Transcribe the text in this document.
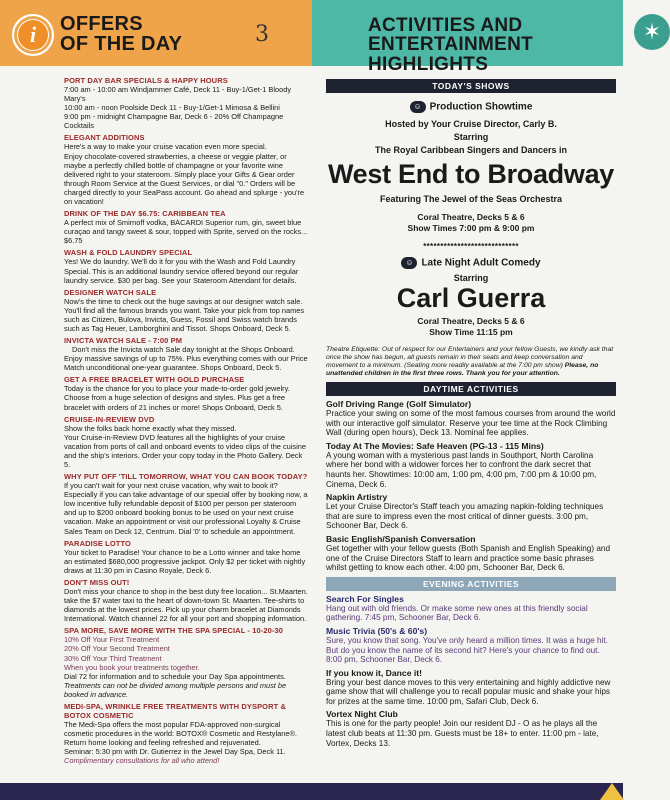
i	OFFERS
OF THE DAY	3	✶
ACTIVITIES AND
ENTERTAINMENT HIGHLIGHTS
PORT DAY BAR SPECIALS & HAPPY HOURS

7:00 am - 10:00 am Windjammer Café, Deck 11 - Buy-1/Get-1 Bloody Mary's

10:00 am - noon Poolside Deck 11 - Buy-1/Get-1 Mimosa & Bellini

9:00 pm - midnight Champagne Bar, Deck 6 - 20% Off Champagne Cocktails

ELEGANT ADDITIONS

Here's a way to make your cruise vacation even more special.

Enjoy chocolate-covered strawberries, a cheese or veggie platter, or maybe a perfectly chilled bottle of champagne or your favorite wine delivered right to your stateroom. Simply place your Gifts & Gear order through Room Service at the Guest Services, or dial "0." Orders will be charged directly to your SeaPass account. Go ahead and splurge - you're on vacation!

DRINK OF THE DAY $6.75: CARIBBEAN TEA

A perfect mix of Smirnoff vodka, BACARDI Superior rum, gin, sweet blue curaçao and tangy sweet & sour, topped with Sprite, served on the rocks... $6.75

WASH & FOLD LAUNDRY SPECIAL

Yes! We do laundry. We'll do it for you with the Wash and Fold Laundry Special. This is an additional laundry service offered beyond our regular laundry service. $30 per bag. See your Stateroom Attendant for details.

DESIGNER WATCH SALE

Now's the time to check out the huge savings at our designer watch sale. You'll find all the famous brands you want. Take your pick from top names such as Citizen, Bulova, Invicta, Guess, Fossil and Swiss watch brands such as Tag Heuer, Lamborghini and Tissot. Shops Onboard, Deck 5.

INVICTA WATCH SALE - 7:00 PM

Don't miss the Invicta watch Sale day tonight at the Shops Onboard. Enjoy massive savings of up to 75%. Plus everything comes with our Price Match unconditional one-year guarantee. Shops Onboard, Deck 5.

GET A FREE BRACELET WITH GOLD PURCHASE

Today is the chance for you to place your made-to-order gold jewelry. Choose from a huge selection of designs and styles. Plus get a free bracelet with orders of 21 inches or more! Shops Onboard, Deck 5.

CRUISE-IN-REVIEW DVD

Show the folks back home exactly what they missed.

Your Cruise-in-Review DVD features all the highlights of your cruise vacation from ports of call and onboard events to video clips of the cuisine and the ship's interiors. Order your copy today in the Photo Gallery. Deck 5.

WHY PUT OFF 'TILL TOMORROW, WHAT YOU CAN BOOK TODAY?

If you can't wait for your next cruise vacation, why wait to book it? Especially if you can take advantage of our special offer by booking now, a low incentive fully refundable deposit of $100 per person per stateroom and up to $200 onboard booking bonus to be used on your next cruise vacation. Make an appointment or visit our professional Loyalty & Cruise Sales Team on Deck 12, Centrum. Dial '0' to schedule an appointment.

PARADISE LOTTO

Your ticket to Paradise! Your chance to be a Lotto winner and take home an estimated $680,000 progressive jackpot. Only $2 per ticket with nightly draws at 11:30 pm in Casino Royale, Deck 6.

DON'T MISS OUT!

Don't miss your chance to shop in the best duty free location... St.Maarten. take the $7 water taxi to the heart of down-town St. Maarten. Tee-shirts to diamonds at the lowest prices. Pick up your charm bracelet at Diamonds International. Watch channel 22 for all your port and shopping information.

SPA MORE, SAVE MORE WITH THE SPA SPECIAL - 10-20-30

10% Off Your First Treatment

20% Off Your Second Treatment

30% Off Your Third Treatment

When you book your treatments together.

Dial 72 for information and to schedule your Day Spa appointments.

Treatments can not be divided among multiple persons and must be booked in advance.

MEDI-SPA, WRINKLE FREE TREATMENTS WITH DYSPORT & BOTOX COSMETIC

The Medi-Spa offers the most popular FDA-approved non-surgical cosmetic procedures in the world: BOTOX® Cosmetic and Restylane®. Return home looking and feeling refreshed and rejuvenated.

Seminar: 5:30 pm with Dr. Gutierrez in the Jewel Day Spa, Deck 11.

Complimentary consultations for all who attend!

TODAY'S SHOWS
☺ Production Showtime
Hosted by Your Cruise Director, Carly B.
Starring
The Royal Caribbean Singers and Dancers in
West End to Broadway
Featuring The Jewel of the Seas Orchestra
Coral Theatre, Decks 5 & 6
Show Times 7:00 pm & 9:00 pm
****************************
☺ Late Night Adult Comedy
Starring
Carl Guerra
Coral Theatre, Decks 5 & 6
Show Time 11:15 pm
Theatre Etiquette: Out of respect for our Entertainers and your fellow Guests, we kindly ask that once the show has begun, all guests remain in their seats and keep conversation and movement to a minimum. (Seating more readily available at the 7:00 pm show) Please, no unattended children in the first three rows. Thank you for your attention.
DAYTIME ACTIVITIES
Golf Driving Range (Golf Simulator)

Practice your swing on some of the most famous courses from around the world with our interactive golf simulator. Reserve your tee time at the Rock Climbing Wall (during open hours), Deck 13. Nominal fee applies.

Today At The Movies: Safe Heaven (PG-13 - 115 Mins)

A young woman with a mysterious past lands in Southport, North Carolina where her bond with a widower forces her to confront the dark secret that haunts her. Showtimes: 10:00 am, 1:00 pm, 4:00 pm, 7:00 pm & 10:00 pm, Cinema, Deck 6.

Napkin Artistry

Let your Cruise Director's Staff teach you amazing napkin-folding techniques that are sure to impress even the most critical of dinner guests. 3:00 pm, Schooner Bar, Deck 6.

Basic English/Spanish Conversation

Get together with your fellow guests (Both Spanish and English Speaking) and one of the Cruise Directors Staff to learn and practice some basic phrases whilst getting to know each other. 4:00 pm, Schooner Bar, Deck 6.

EVENING ACTIVITIES
Search For Singles

Hang out with old friends. Or make some new ones at this friendly social gathering. 7:45 pm, Schooner Bar, Deck 6.

Music Trivia (50's & 60's)

Sure, you know that song. You've only heard a million times. It was a huge hit. But do you know the name of its second hit? Here's your chance to find out. 8:00 pm, Schooner Bar, Deck 6.

If you know it, Dance it!

Bring your best dance moves to this very entertaining and highly addictive new game show that will challenge you to recall popular music and shake your hips for prizes at the same time. 10:00 pm, Safari Club, Deck 6.

Vortex Night Club

This is one for the party people! Join our resident DJ - O as he plays all the latest club beats at 11:30 pm. Guests must be 18+ to enter. 11:00 pm - late, Vortex, Decks 13.
